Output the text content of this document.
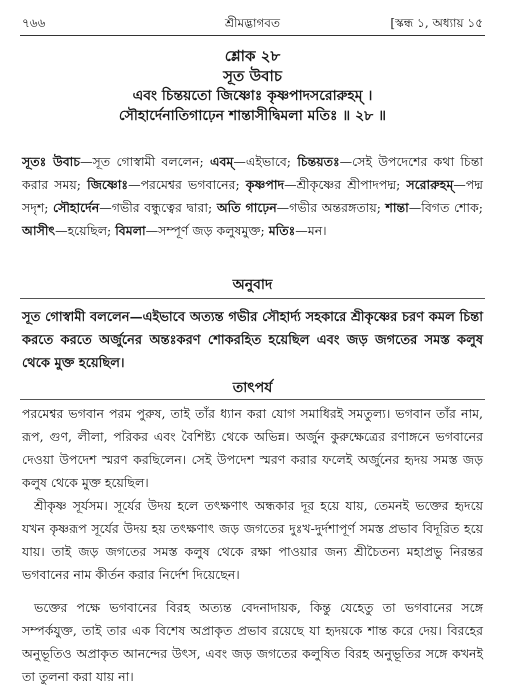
৭৬৬	শ্রীমদ্ভাগবত	[স্কন্ধ ১, অধ্যায় ১৫
শ্লোক ২৮
সূত উবাচ
এবং চিন্তয়তো জিষ্ণোঃ কৃষ্ণপাদসরোরুহম্ ।
সৌহার্দেনাতিগাঢ়েন শান্তাসীদ্বিমলা মতিঃ ॥ ২৮ ॥
সূতঃ উবাচ—সূত গোস্বামী বললেন; এবম্—এইভাবে; চিন্তয়তঃ—সেই উপদেশের কথা চিন্তা করার সময়; জিষ্ণোঃ—পরমেশ্বর ভগবানের; কৃষ্ণপাদ—শ্রীকৃষ্ণের শ্রীপাদপদ্ম; সরোরুহম্—পদ্ম সদৃশ; সৌহার্দেন—গভীর বন্ধুত্বের দ্বারা; অতি গাঢ়েন—গভীর অন্তরঙ্গতায়; শান্তা—বিগত শোক; আসীৎ—হয়েছিল; বিমলা—সম্পূর্ণ জড় কলুষমুক্ত; মতিঃ—মন।
অনুবাদ
সূত গোস্বামী বললেন—এইভাবে অত্যন্ত গভীর সৌহার্দ্য সহকারে শ্রীকৃষ্ণের চরণ কমল চিন্তা করতে করতে অর্জুনের অন্তঃকরণ শোকরহিত হয়েছিল এবং জড় জগতের সমস্ত কলুষ থেকে মুক্ত হয়েছিল।
তাৎপর্য

পরমেশ্বর ভগবান পরম পুরুষ, তাই তাঁর ধ্যান করা যোগ সমাধিরই সমতুল্য। ভগবান তাঁর নাম, রূপ, গুণ, লীলা, পরিকর এবং বৈশিষ্ট্য থেকে অভিন্ন। অর্জুন কুরুক্ষেত্রের রণাঙ্গনে ভগবানের দেওয়া উপদেশ স্মরণ করছিলেন। সেই উপদেশ স্মরণ করার ফলেই অর্জুনের হৃদয় সমস্ত জড় কলুষ থেকে মুক্ত হয়েছিল।

শ্রীকৃষ্ণ সূর্যসম। সূর্যের উদয় হলে তৎক্ষণাৎ অন্ধকার দূর হয়ে যায়, তেমনই ভক্তের হৃদয়ে যখন কৃষ্ণরূপ সূর্যের উদয় হয় তৎক্ষণাৎ জড় জগতের দুঃখ-দুর্দশাপূর্ণ সমস্ত প্রভাব বিদূরিত হয়ে যায়। তাই জড় জগতের সমস্ত কলুষ থেকে রক্ষা পাওয়ার জন্য শ্রীচৈতন্য মহাপ্রভু নিরন্তর ভগবানের নাম কীর্তন করার নির্দেশ দিয়েছেন।

ভক্তের পক্ষে ভগবানের বিরহ অত্যন্ত বেদনাদায়ক, কিন্তু যেহেতু তা ভগবানের সঙ্গে সম্পর্কযুক্ত, তাই তার এক বিশেষ অপ্রাকৃত প্রভাব রয়েছে যা হৃদয়কে শান্ত করে দেয়। বিরহের অনুভূতিও অপ্রাকৃত আনন্দের উৎস, এবং জড় জগতের কলুষিত বিরহ অনুভূতির সঙ্গে কখনই তা তুলনা করা যায় না।
